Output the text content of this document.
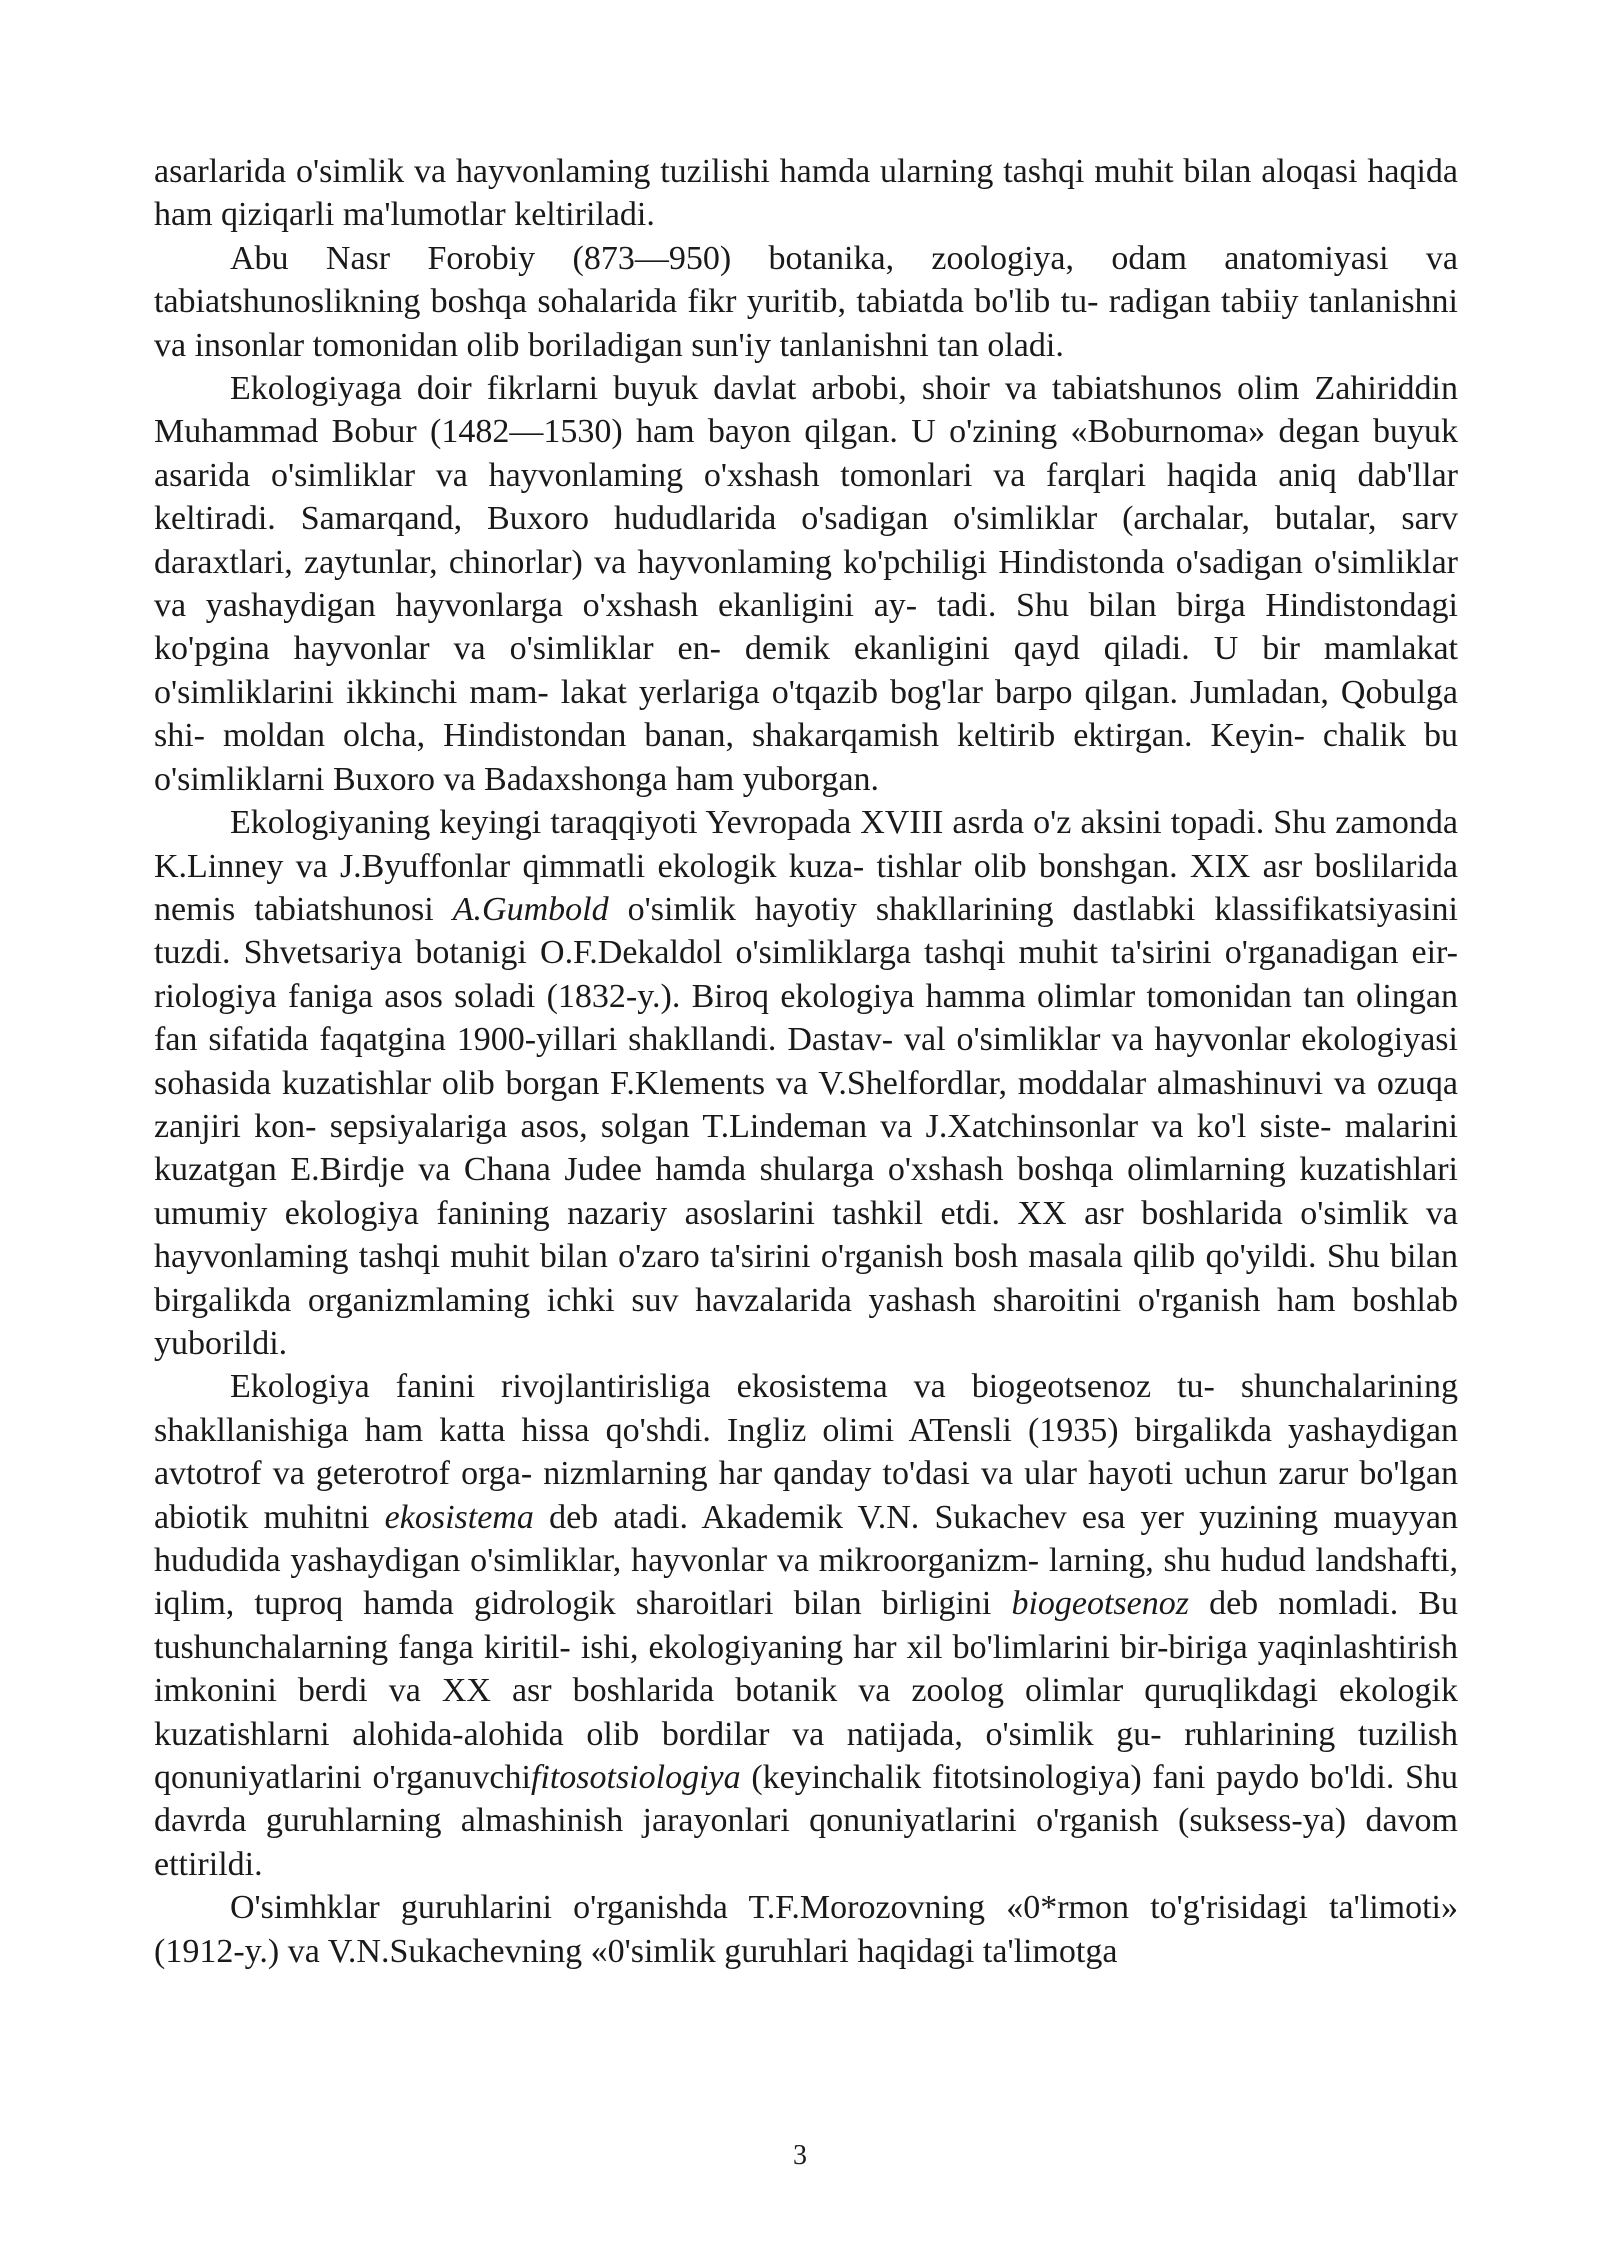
asarlarida o'simlik va hayvonlaming tuzilishi hamda ularning tashqi muhit bilan aloqasi haqida ham qiziqarli ma'lumotlar keltiriladi.

Abu Nasr Forobiy (873—950) botanika, zoologiya, odam anatomiyasi va tabiatshunoslikning boshqa sohalarida fikr yuritib, tabiatda bo'lib tu- radigan tabiiy tanlanishni va insonlar tomonidan olib boriladigan sun'iy tanlanishni tan oladi.

Ekologiyaga doir fikrlarni buyuk davlat arbobi, shoir va tabiatshunos olim Zahiriddin Muhammad Bobur (1482—1530) ham bayon qilgan. U o'zining «Boburnoma» degan buyuk asarida o'simliklar va hayvonlaming o'xshash tomonlari va farqlari haqida aniq dab'llar keltiradi. Samarqand, Buxoro hududlarida o'sadigan o'simliklar (archalar, butalar, sarv daraxtlari, zaytunlar, chinorlar) va hayvonlaming ko'pchiligi Hindistonda o'sadigan o'simliklar va yashaydigan hayvonlarga o'xshash ekanligini ay- tadi. Shu bilan birga Hindistondagi ko'pgina hayvonlar va o'simliklar en- demik ekanligini qayd qiladi. U bir mamlakat o'simliklarini ikkinchi mam- lakat yerlariga o'tqazib bog'lar barpo qilgan. Jumladan, Qobulga shi- moldan olcha, Hindistondan banan, shakarqamish keltirib ektirgan. Keyin- chalik bu o'simliklarni Buxoro va Badaxshonga ham yuborgan.

Ekologiyaning keyingi taraqqiyoti Yevropada XVIII asrda o'z aksini topadi. Shu zamonda K.Linney va J.Byuffonlar qimmatli ekologik kuza- tishlar olib bonshgan. XIX asr boslilarida nemis tabiatshunosi A.Gumbold o'simlik hayotiy shakllarining dastlabki klassifikatsiyasini tuzdi. Shvetsariya botanigi O.F.Dekaldol o'simliklarga tashqi muhit ta'sirini o'rganadigan eir- riologiya faniga asos soladi (1832-y.). Biroq ekologiya hamma olimlar tomonidan tan olingan fan sifatida faqatgina 1900-yillari shakllandi. Dastav- val o'simliklar va hayvonlar ekologiyasi sohasida kuzatishlar olib borgan F.Klements va V.Shelfordlar, moddalar almashinuvi va ozuqa zanjiri kon- sepsiyalariga asos, solgan T.Lindeman va J.Xatchinsonlar va ko'l siste- malarini kuzatgan E.Birdje va Chana Judee hamda shularga o'xshash boshqa olimlarning kuzatishlari umumiy ekologiya fanining nazariy asoslarini tashkil etdi. XX asr boshlarida o'simlik va hayvonlaming tashqi muhit bilan o'zaro ta'sirini o'rganish bosh masala qilib qo'yildi. Shu bilan birgalikda organizmlaming ichki suv havzalarida yashash sharoitini o'rganish ham boshlab yuborildi.

Ekologiya fanini rivojlantirisliga ekosistema va biogeotsenoz tu- shunchalarining shakllanishiga ham katta hissa qo'shdi. Ingliz olimi ATensli (1935) birgalikda yashaydigan avtotrof va geterotrof orga- nizmlarning har qanday to'dasi va ular hayoti uchun zarur bo'lgan abiotik muhitni ekosistema deb atadi. Akademik V.N. Sukachev esa yer yuzining muayyan hududida yashaydigan o'simliklar, hayvonlar va mikroorganizm- larning, shu hudud landshafti, iqlim, tuproq hamda gidrologik sharoitlari bilan birligini biogeotsenoz deb nomladi. Bu tushunchalarning fanga kiritil- ishi, ekologiyaning har xil bo'limlarini bir-biriga yaqinlashtirish imkonini berdi va XX asr boshlarida botanik va zoolog olimlar quruqlikdagi ekologik kuzatishlarni alohida-alohida olib bordilar va natijada, o'simlik gu- ruhlarining tuzilish qonuniyatlarini o'rganuvchifitosotsiologiya (keyinchalik fitotsinologiya) fani paydo bo'ldi. Shu davrda guruhlarning almashinish jarayonlari qonuniyatlarini o'rganish (suksess-ya) davom ettirildi.

O'simhklar guruhlarini o'rganishda T.F.Morozovning «0*rmon to'g'risidagi ta'limoti» (1912-y.) va V.N.Sukachevning «0'simlik guruhlari haqidagi ta'limotga

3
